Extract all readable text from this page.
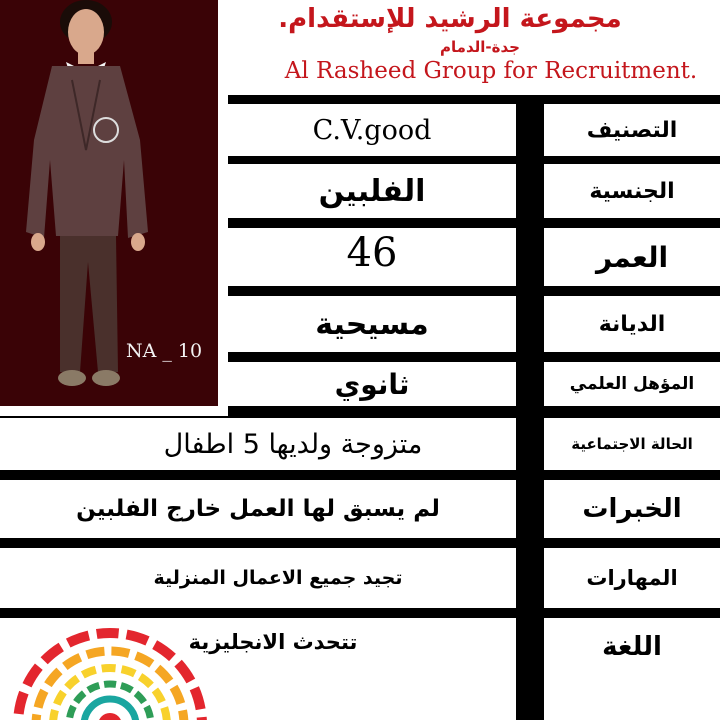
NA _ 10
مجموعة الرشيد للإستقدام.
جدة-الدمام
Al Rasheed Group for Recruitment.
C.V.good	التصنيف
الفلبين	الجنسية
46	العمر
مسيحية	الديانة
ثانوي	المؤهل العلمي
متزوجة ولديها 5 اطفال	الحالة الاجتماعية
لم يسبق لها العمل خارج الفلبين	الخبرات
تجيد جميع الاعمال المنزلية	المهارات
تتحدث الانجليزية	اللغة
